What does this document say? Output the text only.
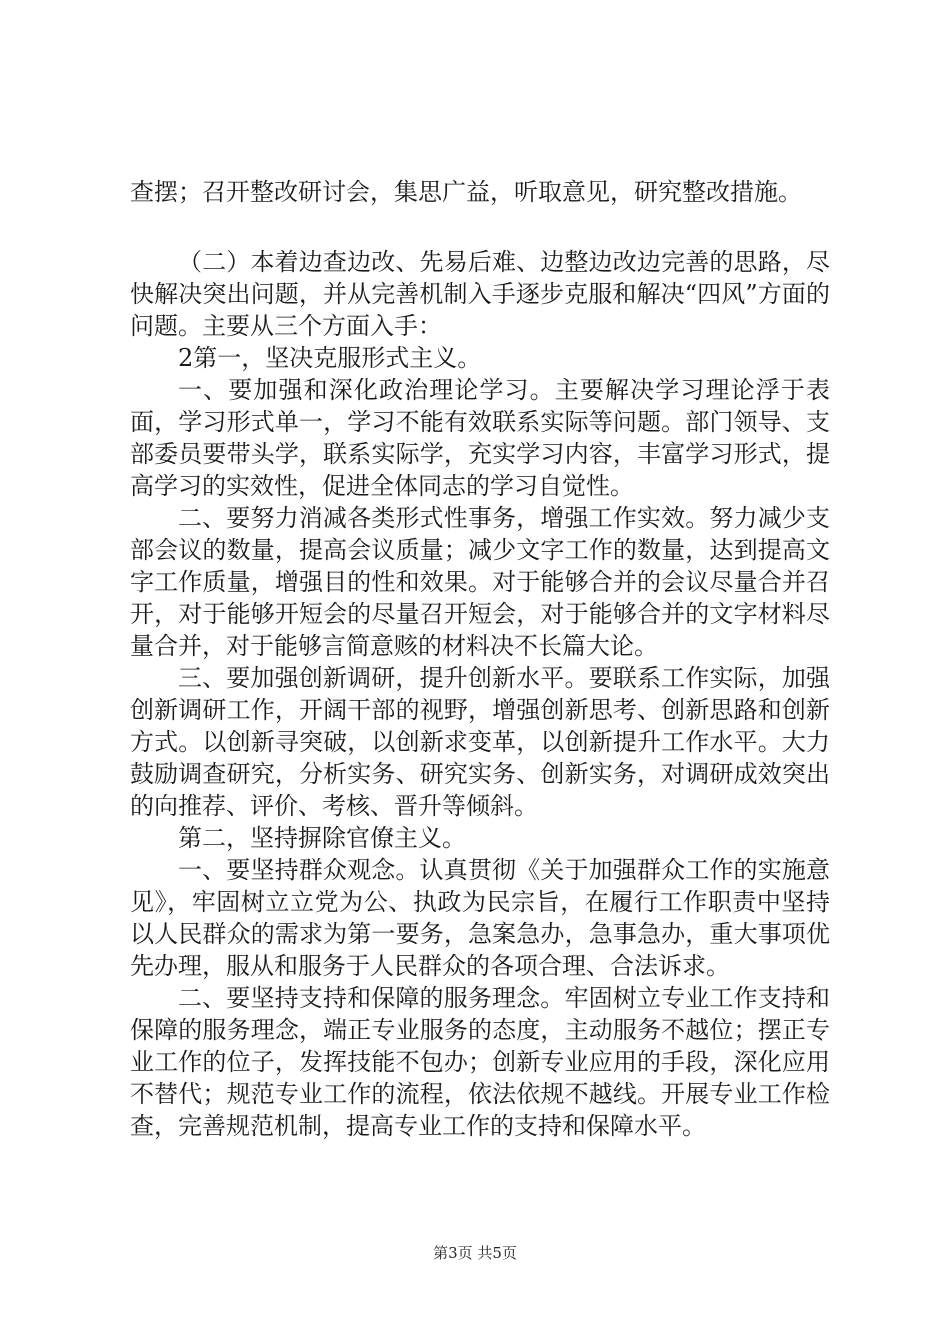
查摆；召开整改研讨会，集思广益，听取意见，研究整改措施。

（二）本着边查边改、先易后难、边整边改边完善的思路，尽快解决突出问题，并从完善机制入手逐步克服和解决“四风”方面的问题。主要从三个方面入手：

2第一，坚决克服形式主义。

一、要加强和深化政治理论学习。主要解决学习理论浮于表面，学习形式单一，学习不能有效联系实际等问题。部门领导、支部委员要带头学，联系实际学，充实学习内容，丰富学习形式，提高学习的实效性，促进全体同志的学习自觉性。

二、要努力消减各类形式性事务，增强工作实效。努力减少支部会议的数量，提高会议质量；减少文字工作的数量，达到提高文字工作质量，增强目的性和效果。对于能够合并的会议尽量合并召开，对于能够开短会的尽量召开短会，对于能够合并的文字材料尽量合并，对于能够言简意赅的材料决不长篇大论。

三、要加强创新调研，提升创新水平。要联系工作实际，加强创新调研工作，开阔干部的视野，增强创新思考、创新思路和创新方式。以创新寻突破，以创新求变革，以创新提升工作水平。大力鼓励调查研究，分析实务、研究实务、创新实务，对调研成效突出的向推荐、评价、考核、晋升等倾斜。

第二，坚持摒除官僚主义。

一、要坚持群众观念。认真贯彻《关于加强群众工作的实施意见》，牢固树立立党为公、执政为民宗旨，在履行工作职责中坚持以人民群众的需求为第一要务，急案急办，急事急办，重大事项优先办理，服从和服务于人民群众的各项合理、合法诉求。

二、要坚持支持和保障的服务理念。牢固树立专业工作支持和保障的服务理念，端正专业服务的态度，主动服务不越位；摆正专业工作的位子，发挥技能不包办；创新专业应用的手段，深化应用不替代；规范专业工作的流程，依法依规不越线。开展专业工作检查，完善规范机制，提高专业工作的支持和保障水平。

第3页 共5页
